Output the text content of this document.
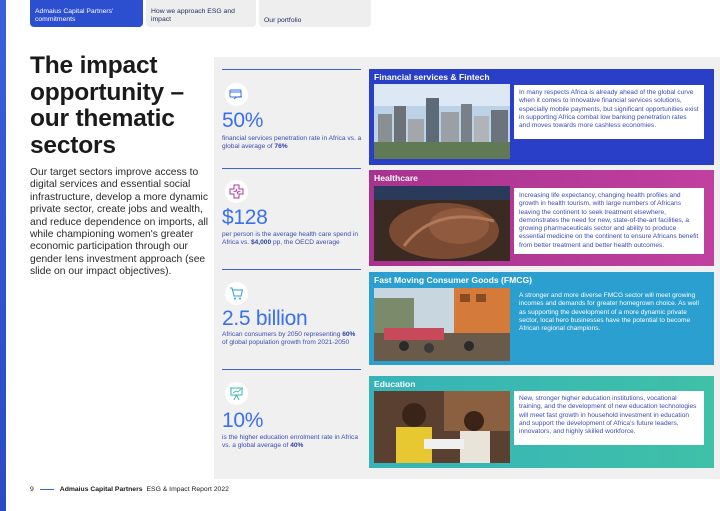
Admaius Capital Partners' commitments
How we approach ESG and impact	Our portfolio
The impact opportunity – our thematic sectors

Our target sectors improve access to digital services and essential social infrastructure, develop a more dynamic private sector, create jobs and wealth, and reduce dependence on imports, all while championing women's greater economic participation through our gender lens investment approach (see slide on our impact objectives).

50%
financial services penetration rate in Africa vs. a global average of 76%
$128
per person is the average health care spend in Africa vs. $4,000 pp, the OECD average
2.5 billion
African consumers by 2050 representing 60% of global population growth from 2021-2050
10%
is the higher education enrolment rate in Africa vs. a global average of 40%
Financial services & Fintech
In many respects Africa is already ahead of the global curve when it comes to innovative financial services solutions, especially mobile payments, but significant opportunities exist in supporting Africa combat low banking penetration rates and moves towards more cashless economies.
Healthcare
Increasing life expectancy, changing health profiles and growth in health tourism, with large numbers of Africans leaving the continent to seek treatment elsewhere, demonstrates the need for new, state-of-the-art facilities, a growing pharmaceuticals sector and ability to produce essential medicine on the continent to ensure Africans benefit from better treatment and better health outcomes.
Fast Moving Consumer Goods (FMCG)
A stronger and more diverse FMCG sector will meet growing incomes and demands for greater homegrown choice. As well as supporting the development of a more dynamic private sector, local hero businesses have the potential to become African regional champions.
Education
New, stronger higher education institutions, vocational training, and the development of new education technologies will meet fast growth in household investment in education and support the development of Africa's future leaders, innovators, and highly skilled workforce.
9	Admaius Capital Partners ESG & Impact Report 2022
